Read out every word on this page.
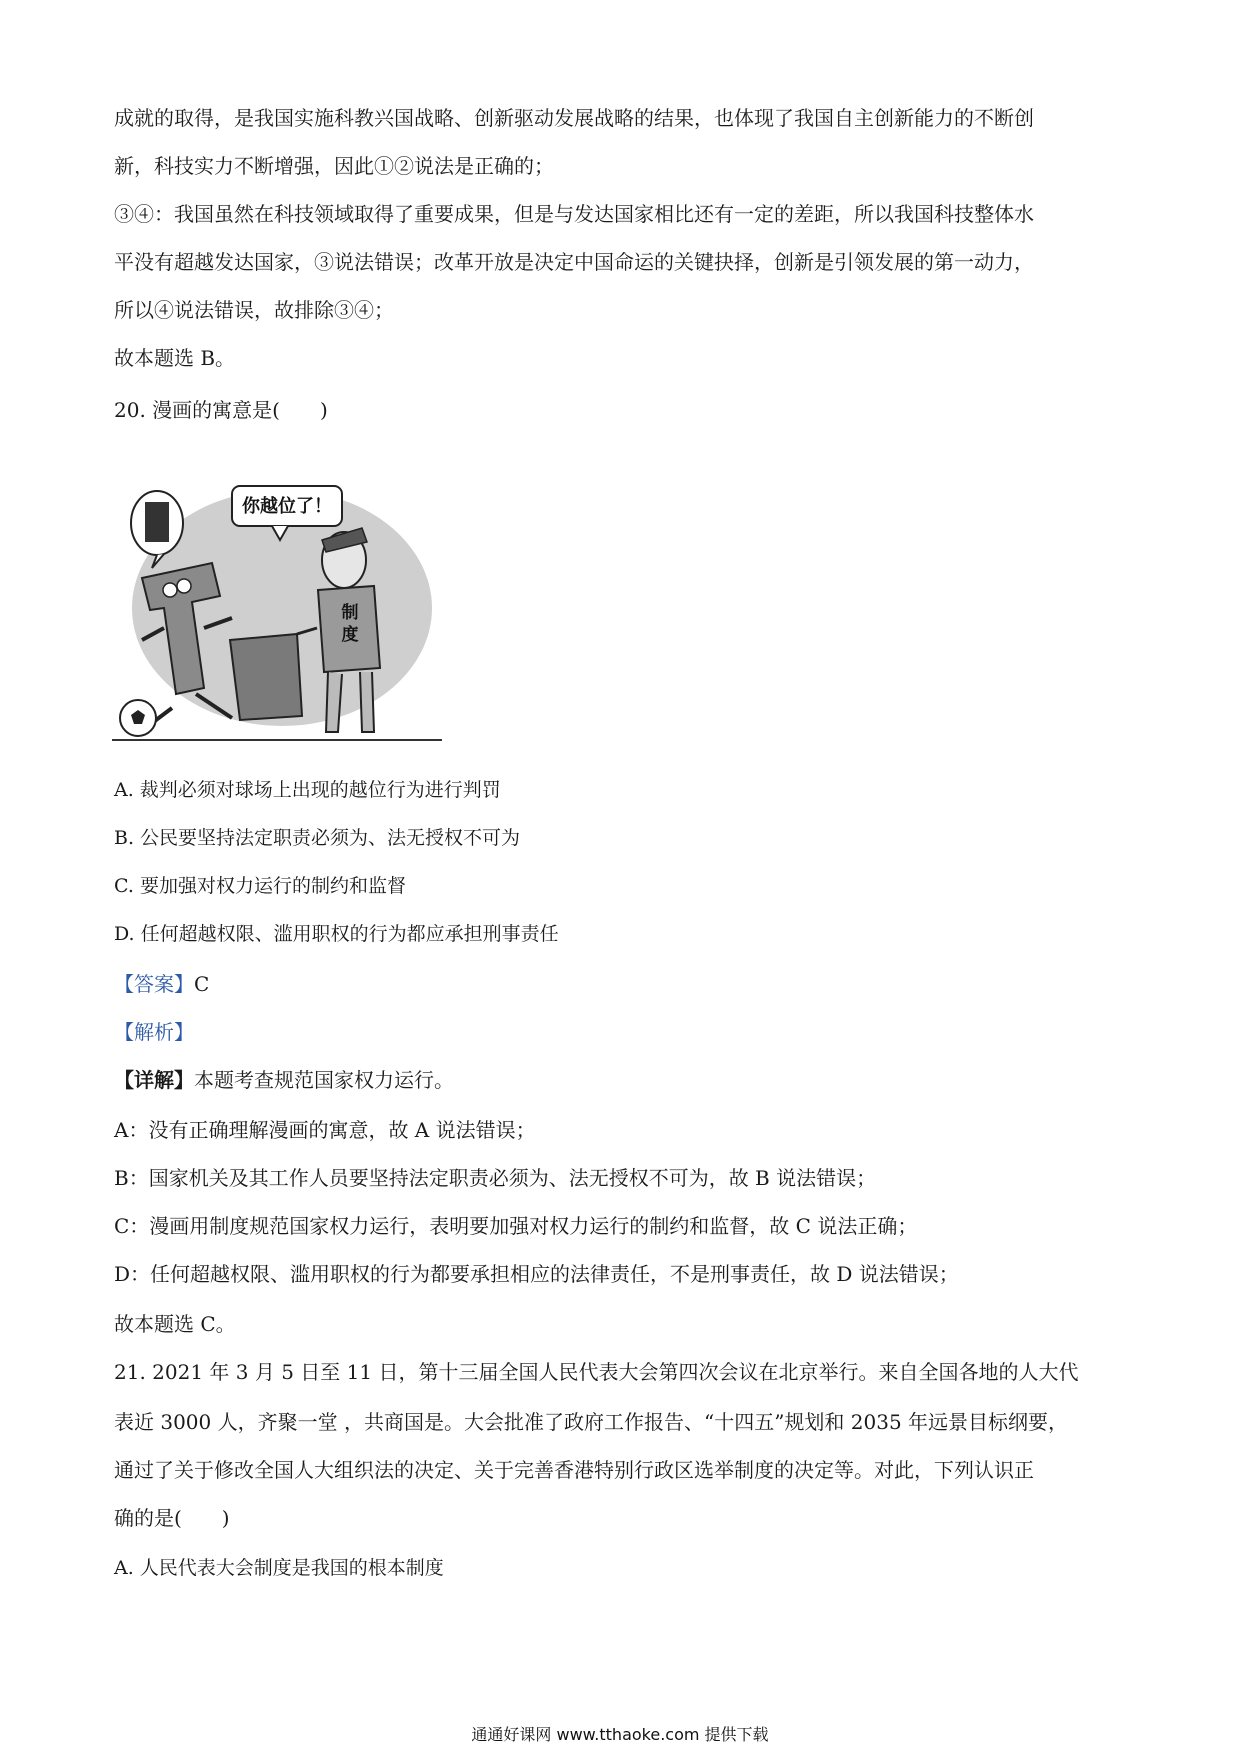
成就的取得，是我国实施科教兴国战略、创新驱动发展战略的结果，也体现了我国自主创新能力的不断创
新，科技实力不断增强，因此①②说法是正确的；
③④：我国虽然在科技领域取得了重要成果，但是与发达国家相比还有一定的差距，所以我国科技整体水
平没有超越发达国家，③说法错误；改革开放是决定中国命运的关键抉择，创新是引领发展的第一动力，
所以④说法错误，故排除③④；
故本题选 B。
20. 漫画的寓意是(　　)
你越位了！
制
度
A. 裁判必须对球场上出现的越位行为进行判罚
B. 公民要坚持法定职责必须为、法无授权不可为
C. 要加强对权力运行的制约和监督
D. 任何超越权限、滥用职权的行为都应承担刑事责任
【答案】C
【解析】
【详解】本题考查规范国家权力运行。
A：没有正确理解漫画的寓意，故 A 说法错误；
B：国家机关及其工作人员要坚持法定职责必须为、法无授权不可为，故 B 说法错误；
C：漫画用制度规范国家权力运行，表明要加强对权力运行的制约和监督，故 C 说法正确；
D：任何超越权限、滥用职权的行为都要承担相应的法律责任，不是刑事责任，故 D 说法错误；
故本题选 C。
21. 2021 年 3 月 5 日至 11 日，第十三届全国人民代表大会第四次会议在北京举行。来自全国各地的人大代
表近 3000 人，齐聚一堂 ，共商国是。大会批准了政府工作报告、“十四五”规划和 2035 年远景目标纲要，
通过了关于修改全国人大组织法的决定、关于完善香港特别行政区选举制度的决定等。对此，下列认识正
确的是(　　)
A. 人民代表大会制度是我国的根本制度
通通好课网 www.tthaoke.com 提供下载
